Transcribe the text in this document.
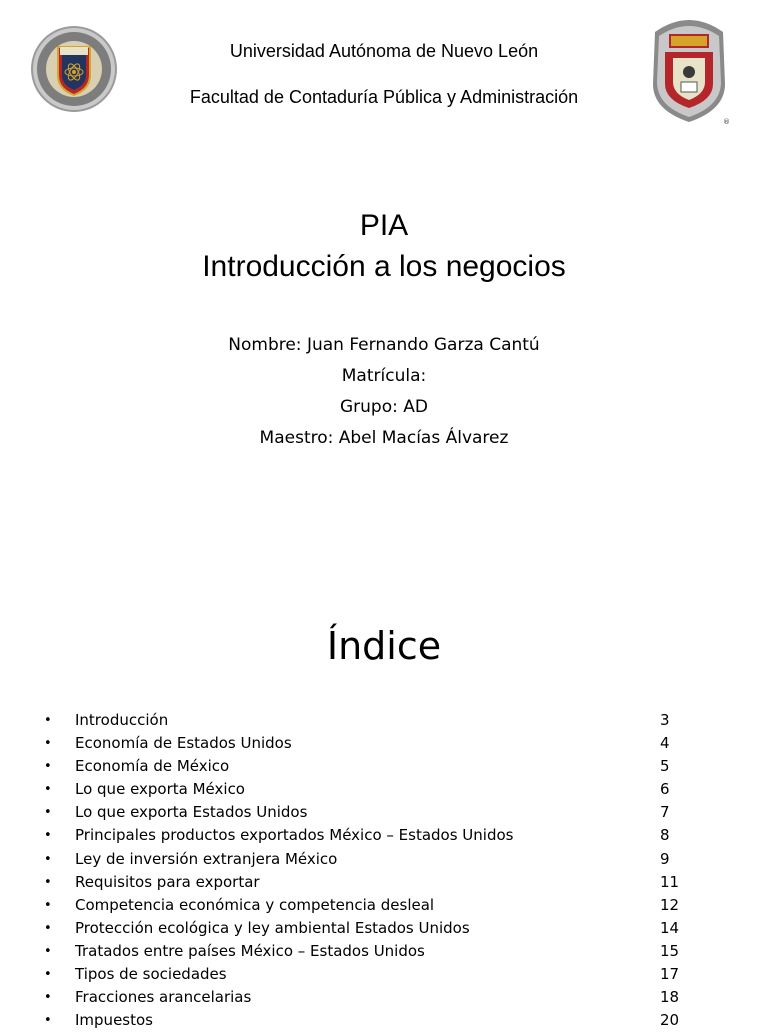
®
Universidad Autónoma de Nuevo León
Facultad de Contaduría Pública y Administración
PIA
Introducción a los negocios
Nombre: Juan Fernando Garza Cantú
Matrícula:
Grupo: AD
Maestro: Abel Macías Álvarez
Índice
• Introducción	3
• Economía de Estados Unidos	4
• Economía de México	5
• Lo que exporta México	6
• Lo que exporta Estados Unidos	7
• Principales productos exportados México – Estados Unidos	8
• Ley de inversión extranjera México	9
• Requisitos para exportar	11
• Competencia económica y competencia desleal	12
• Protección ecológica y ley ambiental Estados Unidos	14
• Tratados entre países México – Estados Unidos	15
• Tipos de sociedades	17
• Fracciones arancelarias	18
• Impuestos	20
